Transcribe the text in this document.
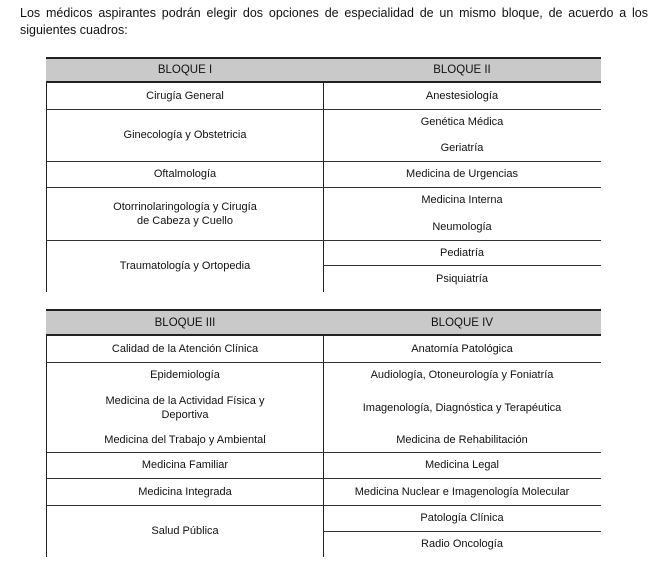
Los médicos aspirantes podrán elegir dos opciones de especialidad de un mismo bloque, de acuerdo a los siguientes cuadros:
BLOQUE I
Cirugía General
Ginecología y Obstetricia
Oftalmología
Otorrinolaringología y Cirugía de Cabeza y Cuello
Traumatología y Ortopedia
BLOQUE II
Anestesiología
Genética Médica
Geriatría
Medicina de Urgencias
Medicina Interna
Neumología
Pediatría
Psiquiatría
BLOQUE III
Calidad de la Atención Clínica
Epidemiología
Medicina de la Actividad Física y Deportiva
Medicina del Trabajo y Ambiental
Medicina Familiar
Medicina Integrada
Salud Pública
BLOQUE IV
Anatomía Patológica
Audiología, Otoneurología y Foniatría
Imagenología, Diagnóstica y Terapéutica
Medicina de Rehabilitación
Medicina Legal
Medicina Nuclear e Imagenología Molecular
Patología Clínica
Radio Oncología
